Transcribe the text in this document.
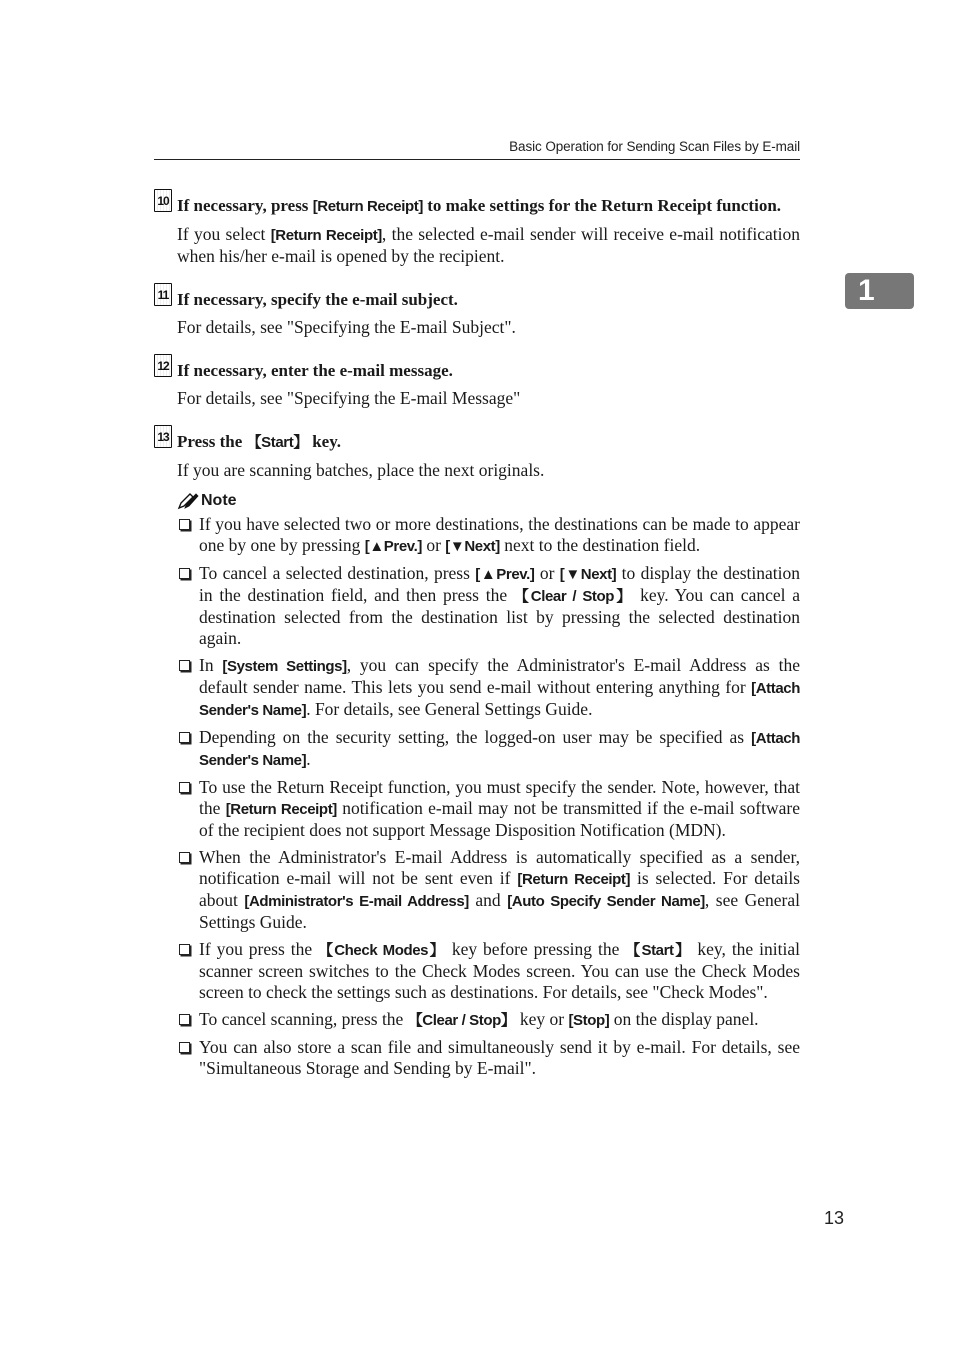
Basic Operation for Sending Scan Files by E-mail
1
10 If necessary, press [Return Receipt] to make settings for the Return Receipt function.
If you select [Return Receipt], the selected e-mail sender will receive e-mail notification when his/her e-mail is opened by the recipient.
11 If necessary, specify the e-mail subject.
For details, see "Specifying the E-mail Subject".
12 If necessary, enter the e-mail message.
For details, see "Specifying the E-mail Message"
13 Press the 【Start】 key.
If you are scanning batches, place the next originals.
Note
If you have selected two or more destinations, the destinations can be made to appear one by one by pressing [▲Prev.] or [▼Next] next to the destination field.
To cancel a selected destination, press [▲Prev.] or [▼Next] to display the destination in the destination field, and then press the 【Clear / Stop】 key. You can cancel a destination selected from the destination list by pressing the selected destination again.
In [System Settings], you can specify the Administrator's E-mail Address as the default sender name. This lets you send e-mail without entering anything for [Attach Sender's Name]. For details, see General Settings Guide.
Depending on the security setting, the logged-on user may be specified as [Attach Sender's Name].
To use the Return Receipt function, you must specify the sender. Note, however, that the [Return Receipt] notification e-mail may not be transmitted if the e-mail software of the recipient does not support Message Disposition Notification (MDN).
When the Administrator's E-mail Address is automatically specified as a sender, notification e-mail will not be sent even if [Return Receipt] is selected. For details about [Administrator's E-mail Address] and [Auto Specify Sender Name], see General Settings Guide.
If you press the 【Check Modes】 key before pressing the 【Start】 key, the initial scanner screen switches to the Check Modes screen. You can use the Check Modes screen to check the settings such as destinations. For details, see "Check Modes".
To cancel scanning, press the 【Clear / Stop】 key or [Stop] on the display panel.
You can also store a scan file and simultaneously send it by e-mail. For details, see "Simultaneous Storage and Sending by E-mail".
13
